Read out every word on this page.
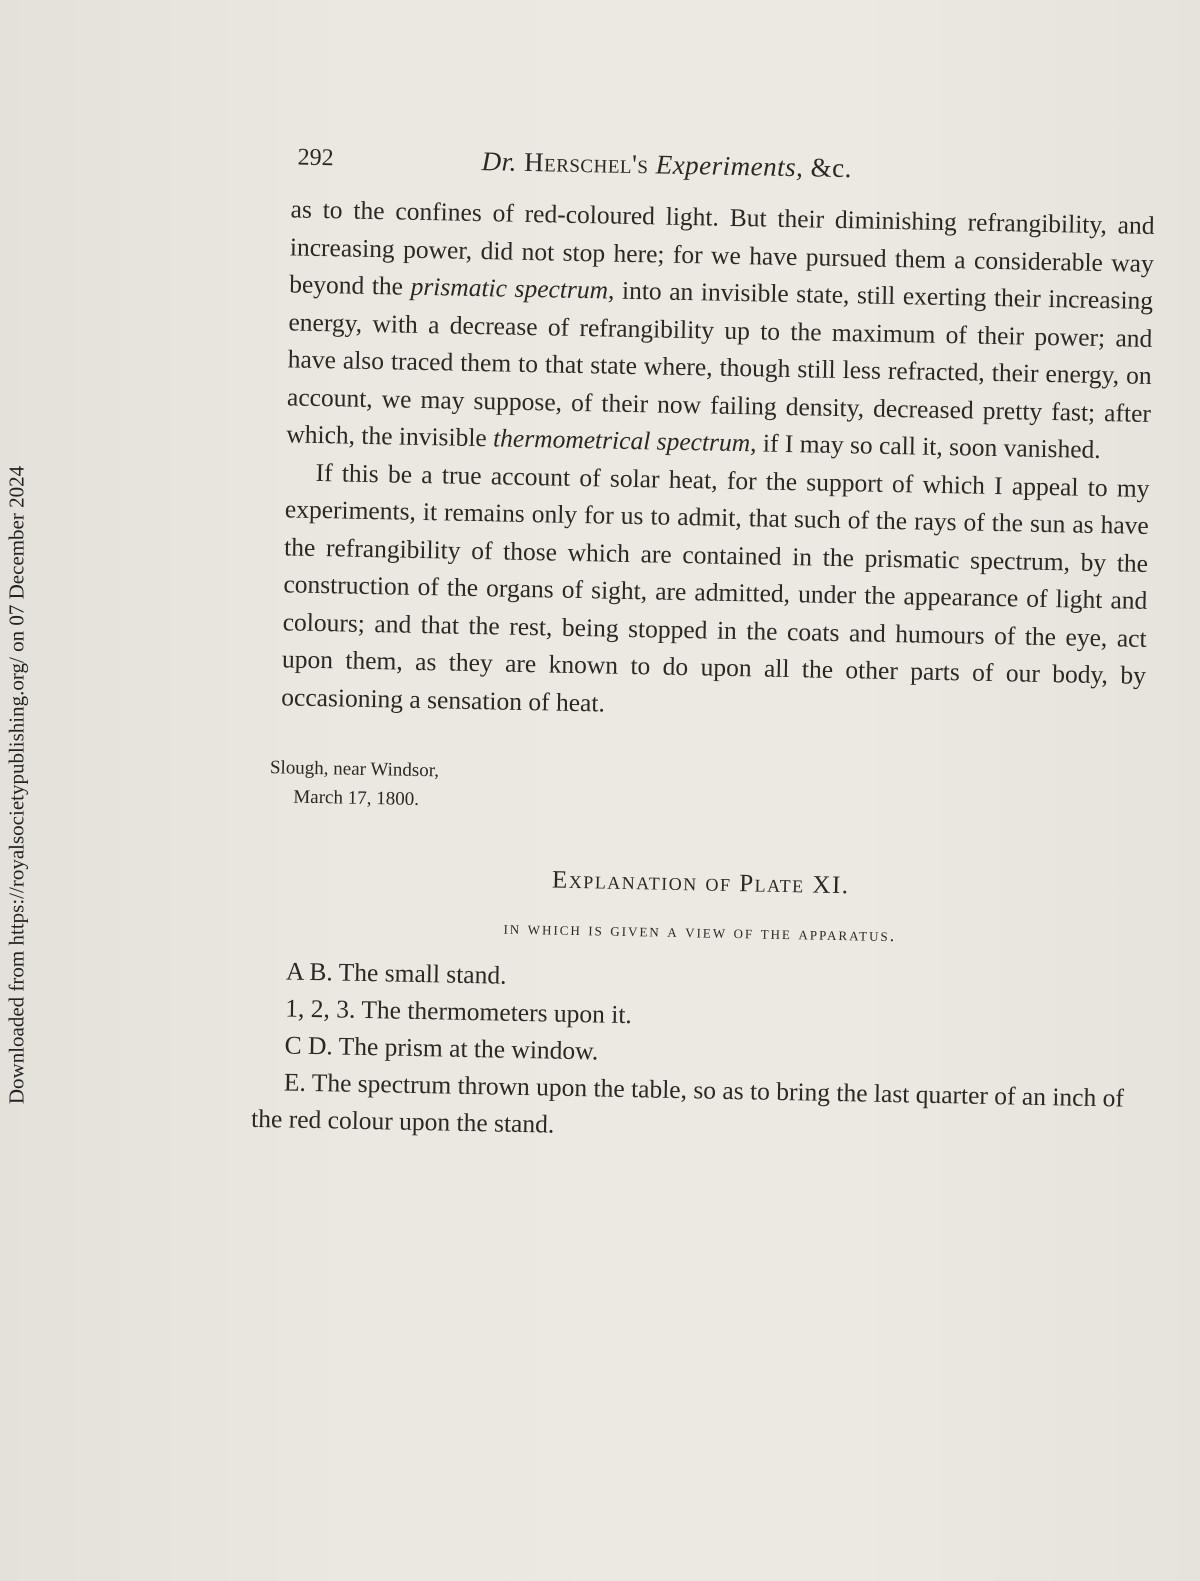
Downloaded from https://royalsocietypublishing.org/ on 07 December 2024
292	Dr. Herschel's Experiments, &c.

as to the confines of red-coloured light. But their diminishing refrangibility, and increasing power, did not stop here; for we have pursued them a considerable way beyond the prismatic spectrum, into an invisible state, still exerting their increasing energy, with a decrease of refrangibility up to the maximum of their power; and have also traced them to that state where, though still less refracted, their energy, on account, we may suppose, of their now failing density, decreased pretty fast; after which, the invisible thermometrical spectrum, if I may so call it, soon vanished.

If this be a true account of solar heat, for the support of which I appeal to my experiments, it remains only for us to admit, that such of the rays of the sun as have the refrangibility of those which are contained in the prismatic spectrum, by the construction of the organs of sight, are admitted, under the appearance of light and colours; and that the rest, being stopped in the coats and humours of the eye, act upon them, as they are known to do upon all the other parts of our body, by occasioning a sensation of heat.

Slough, near Windsor,
March 17, 1800.
Explanation of Plate XI.
in which is given a view of the apparatus.
A B. The small stand.
1, 2, 3. The thermometers upon it.
C D. The prism at the window.
E. The spectrum thrown upon the table, so as to bring the last quarter of an inch of the red colour upon the stand.
